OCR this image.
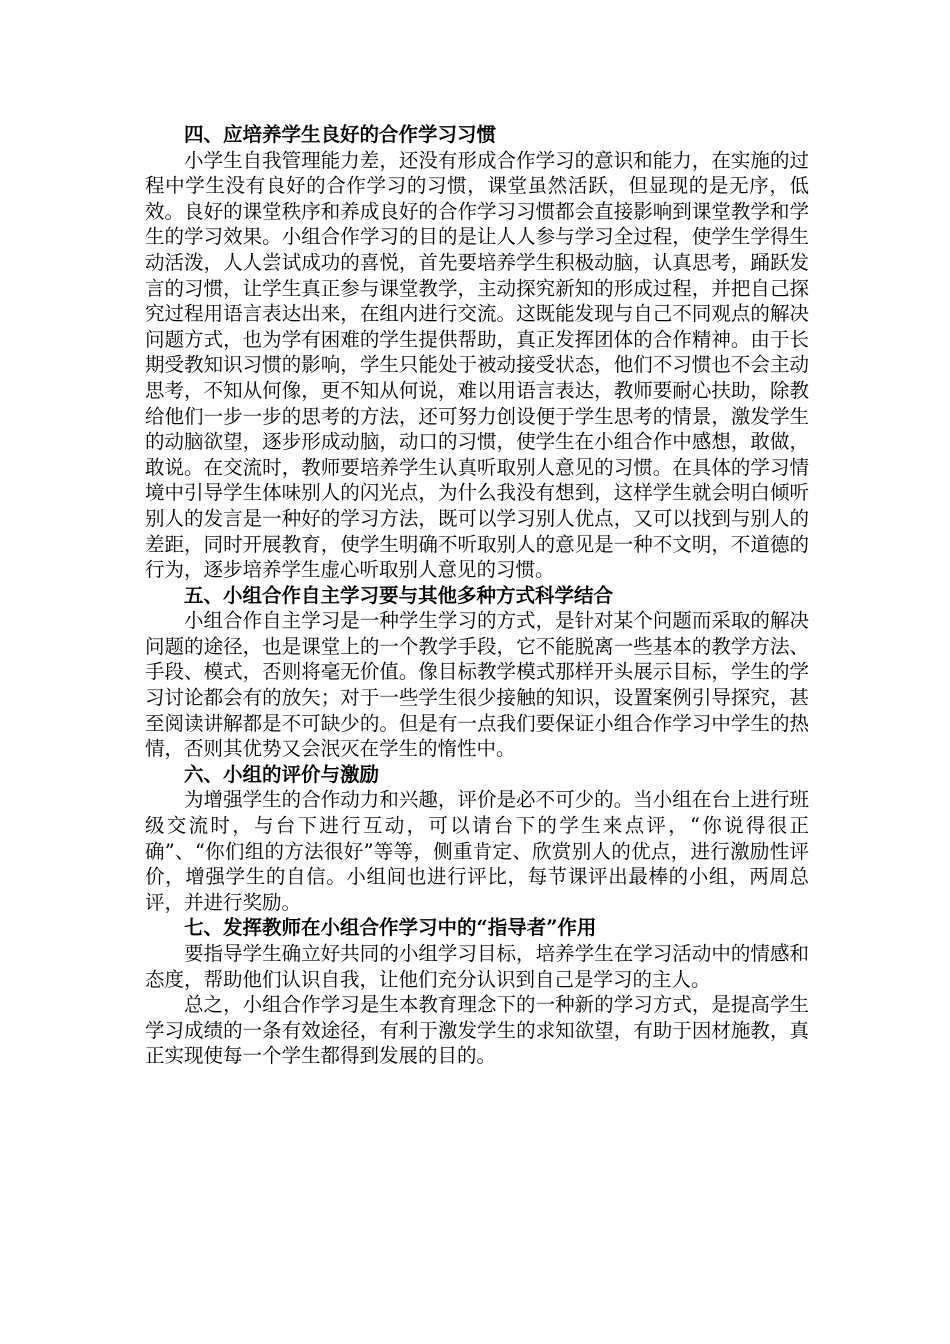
四、应培养学生良好的合作学习习惯

小学生自我管理能力差，还没有形成合作学习的意识和能力，在实施的过程中学生没有良好的合作学习的习惯，课堂虽然活跃，但显现的是无序，低效。良好的课堂秩序和养成良好的合作学习习惯都会直接影响到课堂教学和学生的学习效果。小组合作学习的目的是让人人参与学习全过程，使学生学得生动活泼，人人尝试成功的喜悦，首先要培养学生积极动脑，认真思考，踊跃发言的习惯，让学生真正参与课堂教学，主动探究新知的形成过程，并把自己探究过程用语言表达出来，在组内进行交流。这既能发现与自己不同观点的解决问题方式，也为学有困难的学生提供帮助，真正发挥团体的合作精神。由于长期受教知识习惯的影响，学生只能处于被动接受状态，他们不习惯也不会主动思考，不知从何像，更不知从何说，难以用语言表达，教师要耐心扶助，除教给他们一步一步的思考的方法，还可努力创设便于学生思考的情景，激发学生的动脑欲望，逐步形成动脑，动口的习惯，使学生在小组合作中感想，敢做，敢说。在交流时，教师要培养学生认真听取别人意见的习惯。在具体的学习情境中引导学生体味别人的闪光点，为什么我没有想到，这样学生就会明白倾听别人的发言是一种好的学习方法，既可以学习别人优点，又可以找到与别人的差距，同时开展教育，使学生明确不听取别人的意见是一种不文明，不道德的行为，逐步培养学生虚心听取别人意见的习惯。

五、小组合作自主学习要与其他多种方式科学结合

小组合作自主学习是一种学生学习的方式，是针对某个问题而采取的解决问题的途径，也是课堂上的一个教学手段，它不能脱离一些基本的教学方法、手段、模式，否则将毫无价值。像目标教学模式那样开头展示目标，学生的学习讨论都会有的放矢；对于一些学生很少接触的知识，设置案例引导探究，甚至阅读讲解都是不可缺少的。但是有一点我们要保证小组合作学习中学生的热情，否则其优势又会泯灭在学生的惰性中。

六、小组的评价与激励

为增强学生的合作动力和兴趣，评价是必不可少的。当小组在台上进行班级交流时，与台下进行互动，可以请台下的学生来点评，“你说得很正确”、“你们组的方法很好”等等，侧重肯定、欣赏别人的优点，进行激励性评价，增强学生的自信。小组间也进行评比，每节课评出最棒的小组，两周总评，并进行奖励。

七、发挥教师在小组合作学习中的“指导者”作用

要指导学生确立好共同的小组学习目标，培养学生在学习活动中的情感和态度，帮助他们认识自我，让他们充分认识到自己是学习的主人。

总之，小组合作学习是生本教育理念下的一种新的学习方式，是提高学生学习成绩的一条有效途径，有利于激发学生的求知欲望，有助于因材施教，真正实现使每一个学生都得到发展的目的。
